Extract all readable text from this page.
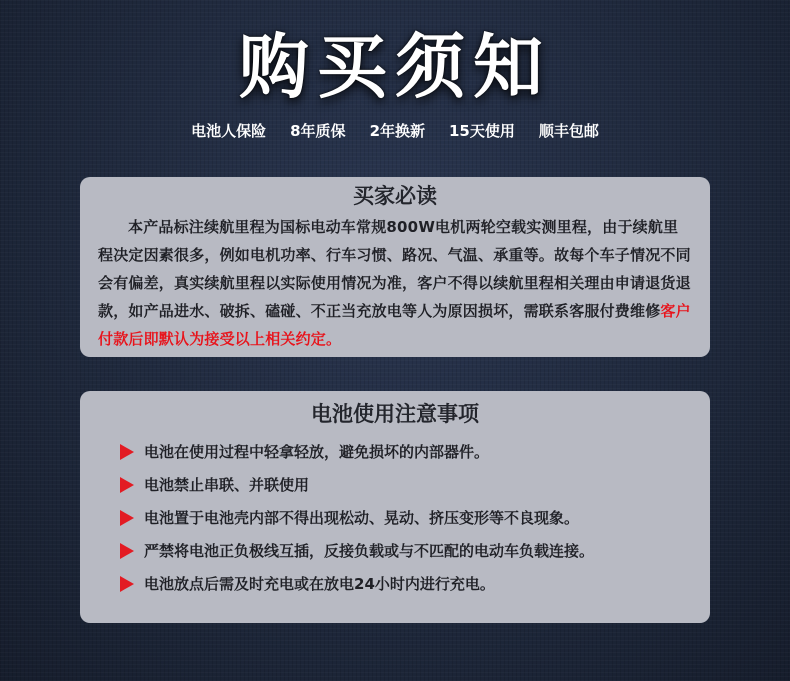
购买须知
电池人保险 8年质保 2年换新 15天使用 顺丰包邮
买家必读

本产品标注续航里程为国标电动车常规800W电机两轮空载实测里程，由于续航里程决定因素很多，例如电机功率、行车习惯、路况、气温、承重等。故每个车子情况不同会有偏差，真实续航里程以实际使用情况为准，客户不得以续航里程相关理由申请退货退款，如产品进水、破拆、磕碰、不正当充放电等人为原因损坏，需联系客服付费维修客户付款后即默认为接受以上相关约定。

电池使用注意事项
电池在使用过程中轻拿轻放，避免损坏的内部器件。
电池禁止串联、并联使用
电池置于电池壳内部不得出现松动、晃动、挤压变形等不良现象。
严禁将电池正负极线互插，反接负载或与不匹配的电动车负载连接。
电池放点后需及时充电或在放电24小时内进行充电。
